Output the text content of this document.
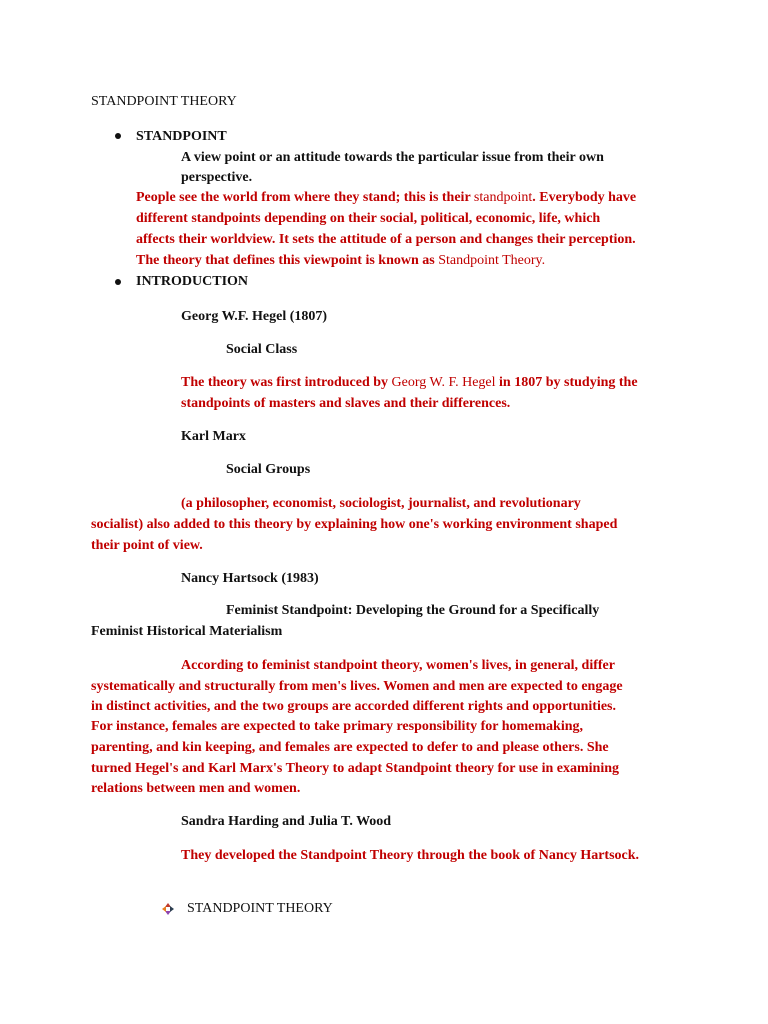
STANDPOINT THEORY
STANDPOINT
A view point or an attitude towards the particular issue from their own
perspective.
People see the world from where they stand; this is their standpoint. Everybody have
different standpoints depending on their social, political, economic, life, which
affects their worldview. It sets the attitude of a person and changes their perception.
The theory that defines this viewpoint is known as Standpoint Theory.
INTRODUCTION
Georg W.F. Hegel (1807)
Social Class
The theory was first introduced by Georg W. F. Hegel in 1807 by studying the
standpoints of masters and slaves and their differences.
Karl Marx
Social Groups
(a philosopher, economist, sociologist, journalist, and revolutionary
socialist) also added to this theory by explaining how one's working environment shaped
their point of view.
Nancy Hartsock (1983)
Feminist Standpoint: Developing the Ground for a Specifically
Feminist Historical Materialism
According to feminist standpoint theory, women's lives, in general, differ
systematically and structurally from men's lives. Women and men are expected to engage
in distinct activities, and the two groups are accorded different rights and opportunities.
For instance, females are expected to take primary responsibility for homemaking,
parenting, and kin keeping, and females are expected to defer to and please others. She
turned Hegel's and Karl Marx's Theory to adapt Standpoint theory for use in examining
relations between men and women.
Sandra Harding and Julia T. Wood
They developed the Standpoint Theory through the book of Nancy Hartsock.
STANDPOINT THEORY
